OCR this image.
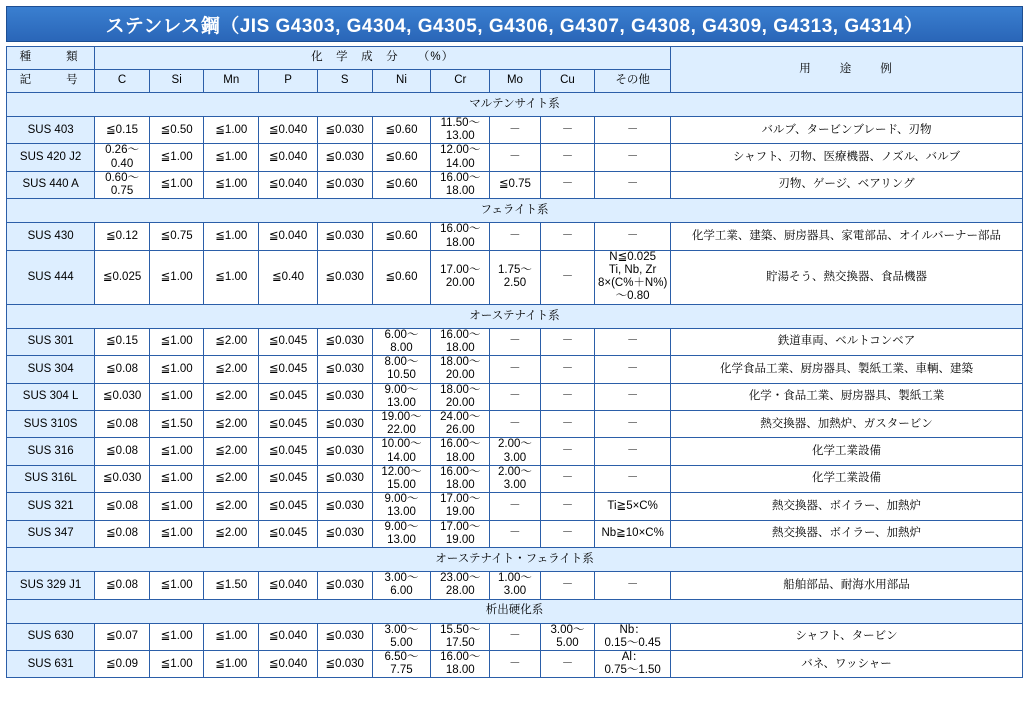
ステンレス鋼（JIS G4303, G4304, G4305, G4306, G4307, G4308, G4309, G4313, G4314）
種　　類	化　学　成　分　　（%）										用　　途　　例
記　　号	C	Si	Mn	P	S	Ni	Cr	Mo	Cu	その他	
マルテンサイト系											
SUS 403	≦0.15	≦0.50	≦1.00	≦0.040	≦0.030	≦0.60	11.50～
13.00	－	－	－	バルブ、タービンブレード、刃物
SUS 420 J2	0.26～
0.40	≦1.00	≦1.00	≦0.040	≦0.030	≦0.60	12.00～
14.00	－	－	－	シャフト、刃物、医療機器、ノズル、バルブ
SUS 440 A	0.60～
0.75	≦1.00	≦1.00	≦0.040	≦0.030	≦0.60	16.00～
18.00	≦0.75	－	－	刃物、ゲージ、ベアリング
フェライト系											
SUS 430	≦0.12	≦0.75	≦1.00	≦0.040	≦0.030	≦0.60	16.00～
18.00	－	－	－	化学工業、建築、厨房器具、家電部品、オイルバーナー部品
SUS 444	≦0.025	≦1.00	≦1.00	≦0.40	≦0.030	≦0.60	17.00～
20.00	1.75～
2.50	－	N≦0.025
Ti, Nb, Zr
8×(C%＋N%)～0.80	貯湯そう、熱交換器、食品機器
オーステナイト系											
SUS 301	≦0.15	≦1.00	≦2.00	≦0.045	≦0.030	6.00～
8.00	16.00～
18.00	－	－	－	鉄道車両、ベルトコンベア
SUS 304	≦0.08	≦1.00	≦2.00	≦0.045	≦0.030	8.00～
10.50	18.00～
20.00	－	－	－	化学食品工業、厨房器具、製紙工業、車輌、建築
SUS 304 L	≦0.030	≦1.00	≦2.00	≦0.045	≦0.030	9.00～
13.00	18.00～
20.00	－	－	－	化学・食品工業、厨房器具、製紙工業
SUS 310S	≦0.08	≦1.50	≦2.00	≦0.045	≦0.030	19.00～
22.00	24.00～
26.00	－	－	－	熱交換器、加熱炉、ガスタービン
SUS 316	≦0.08	≦1.00	≦2.00	≦0.045	≦0.030	10.00～
14.00	16.00～
18.00	2.00～
3.00	－	－	化学工業設備
SUS 316L	≦0.030	≦1.00	≦2.00	≦0.045	≦0.030	12.00～
15.00	16.00～
18.00	2.00～
3.00	－	－	化学工業設備
SUS 321	≦0.08	≦1.00	≦2.00	≦0.045	≦0.030	9.00～
13.00	17.00～
19.00	－	－	Ti≧5×C%	熱交換器、ボイラー、加熱炉
SUS 347	≦0.08	≦1.00	≦2.00	≦0.045	≦0.030	9.00～
13.00	17.00～
19.00	－	－	Nb≧10×C%	熱交換器、ボイラー、加熱炉
オーステナイト・フェライト系											
SUS 329 J1	≦0.08	≦1.00	≦1.50	≦0.040	≦0.030	3.00～
6.00	23.00～
28.00	1.00～
3.00	－	－	船舶部品、耐海水用部品
析出硬化系											
SUS 630	≦0.07	≦1.00	≦1.00	≦0.040	≦0.030	3.00～
5.00	15.50～
17.50	－	3.00～
5.00	Nb：
0.15～0.45	シャフト、タービン
SUS 631	≦0.09	≦1.00	≦1.00	≦0.040	≦0.030	6.50～
7.75	16.00～
18.00	－	－	Al：
0.75～1.50	バネ、ワッシャー
